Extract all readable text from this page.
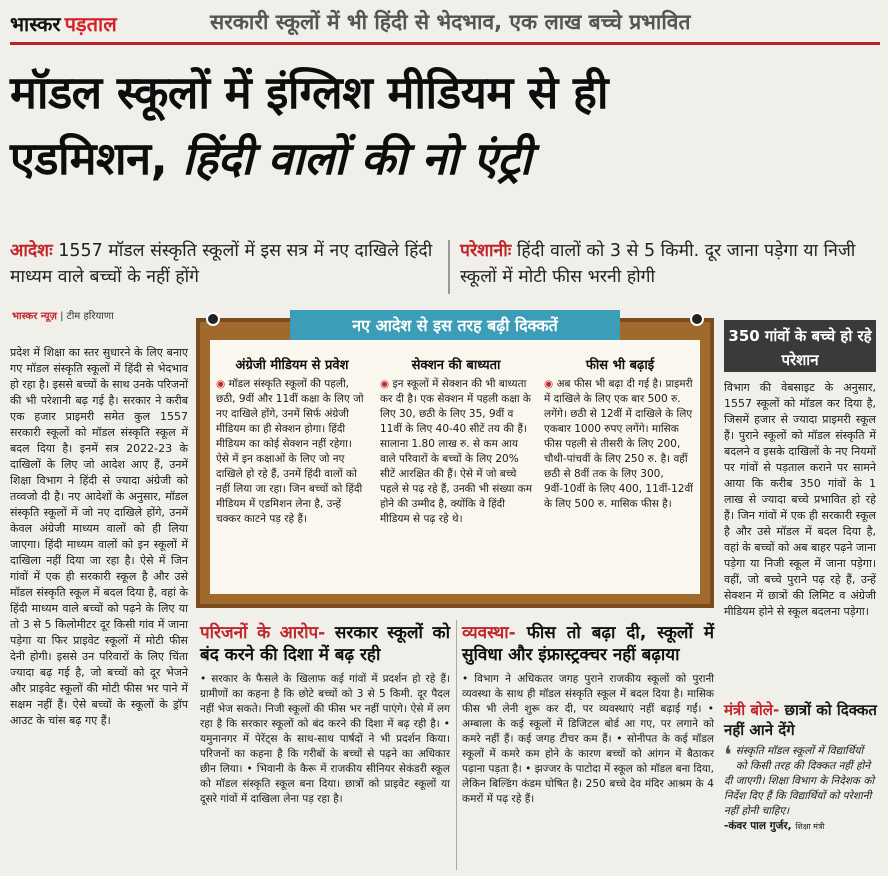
भास्कर पड़ताल	सरकारी स्कूलों में भी हिंदी से भेदभाव, एक लाख बच्चे प्रभावित
मॉडल स्कूलों में इंग्लिश मीडियम से ही
एडमिशन, हिंदी वालों की नो एंट्री
आदेशः 1557 मॉडल संस्कृति स्कूलों में इस सत्र में नए दाखिले हिंदी माध्यम वाले बच्चों के नहीं होंगे
परेशानीः हिंदी वालों को 3 से 5 किमी. दूर जाना पड़ेगा या निजी स्कूलों में मोटी फीस भरनी होगी
भास्कर न्यूज़ | टीम हरियाणा
प्रदेश में शिक्षा का स्तर सुधारने के लिए बनाए गए मॉडल संस्कृति स्कूलों में हिंदी से भेदभाव हो रहा है। इससे बच्चों के साथ उनके परिजनों की भी परेशानी बढ़ गई है। सरकार ने करीब एक हजार प्राइमरी समेत कुल 1557 सरकारी स्कूलों को मॉडल संस्कृति स्कूल में बदल दिया है। इनमें सत्र 2022-23 के दाखिलों के लिए जो आदेश आए हैं, उनमें शिक्षा विभाग ने हिंदी से ज्यादा अंग्रेजी को तव्वजो दी है। नए आदेशों के अनुसार, मॉडल संस्कृति स्कूलों में जो नए दाखिले होंगे, उनमें केवल अंग्रेजी माध्यम वालों को ही लिया जाएगा। हिंदी माध्यम वालों को इन स्कूलों में दाखिला नहीं दिया जा रहा है। ऐसे में जिन गांवों में एक ही सरकारी स्कूल है और उसे मॉडल संस्कृति स्कूल में बदल दिया है, वहां के हिंदी माध्यम वाले बच्चों को पढ़ने के लिए या तो 3 से 5 किलोमीटर दूर किसी गांव में जाना पड़ेगा या फिर प्राइवेट स्कूलों में मोटी फीस देनी होगी। इससे उन परिवारों के लिए चिंता ज्यादा बढ़ गई है, जो बच्चों को दूर भेजने और प्राइवेट स्कूलों की मोटी फीस भर पाने में सक्षम नहीं हैं। ऐसे बच्चों के स्कूलों के ड्रॉप आउट के चांस बढ़ गए हैं।
नए आदेश से इस तरह बढ़ी दिक्कतें
अंग्रेजी मीडियम से प्रवेश
◉ मॉडल संस्कृति स्कूलों की पहली, छठी, 9वीं और 11वीं कक्षा के लिए जो नए दाखिले होंगे, उनमें सिर्फ अंग्रेजी मीडियम का ही सेक्शन होगा। हिंदी मीडियम का कोई सेक्शन नहीं रहेगा। ऐसे में इन कक्षाओं के लिए जो नए दाखिले हो रहे हैं, उनमें हिंदी वालों को नहीं लिया जा रहा। जिन बच्चों को हिंदी मीडियम में एडमिशन लेना है, उन्हें चक्कर काटने पड़ रहे हैं।
सेक्शन की बाध्यता
◉ इन स्कूलों में सेक्शन की भी बाध्यता कर दी है। एक सेक्शन में पहली कक्षा के लिए 30, छठी के लिए 35, 9वीं व 11वीं के लिए 40-40 सीटें तय की हैं। सालाना 1.80 लाख रु. से कम आय वाले परिवारों के बच्चों के लिए 20% सीटें आरक्षित की हैं। ऐसे में जो बच्चे पहले से पढ़ रहे हैं, उनकी भी संख्या कम होने की उम्मीद है, क्योंकि वे हिंदी मीडियम से पढ़ रहे थे।
फीस भी बढ़ाई
◉ अब फीस भी बढ़ा दी गई है। प्राइमरी में दाखिले के लिए एक बार 500 रु. लगेंगे। छठी से 12वीं में दाखिले के लिए एकबार 1000 रुपए लगेंगे। मासिक फीस पहली से तीसरी के लिए 200, चौथी-पांचवीं के लिए 250 रु. है। वहीं छठी से 8वीं तक के लिए 300, 9वीं-10वीं के लिए 400, 11वीं-12वीं के लिए 500 रु. मासिक फीस है।
परिजनों के आरोप- सरकार स्कूलों को बंद करने की दिशा में बढ़ रही
• सरकार के फैसले के खिलाफ कई गांवों में प्रदर्शन हो रहे हैं। ग्रामीणों का कहना है कि छोटे बच्चों को 3 से 5 किमी. दूर पैदल नहीं भेज सकते। निजी स्कूलों की फीस भर नहीं पाएंगे। ऐसे में लग रहा है कि सरकार स्कूलों को बंद करने की दिशा में बढ़ रही है। • यमुनानगर में पेरेंट्स के साथ-साथ पार्षदों ने भी प्रदर्शन किया। परिजनों का कहना है कि गरीबों के बच्चों से पढ़ने का अधिकार छीन लिया। • भिवानी के कैरू में राजकीय सीनियर सेकंडरी स्कूल को मॉडल संस्कृति स्कूल बना दिया। छात्रों को प्राइवेट स्कूलों या दूसरे गांवों में दाखिला लेना पड़ रहा है।
व्यवस्था- फीस तो बढ़ा दी, स्कूलों में सुविधा और इंफ्रास्ट्रक्चर नहीं बढ़ाया
• विभाग ने अधिकतर जगह पुराने राजकीय स्कूलों को पुरानी व्यवस्था के साथ ही मॉडल संस्कृति स्कूल में बदल दिया है। मासिक फीस भी लेनी शुरू कर दी, पर व्यवस्थाएं नहीं बढ़ाई गईं। • अम्बाला के कई स्कूलों में डिजिटल बोर्ड आ गए, पर लगाने को कमरे नहीं हैं। कई जगह टीचर कम हैं। • सोनीपत के कई मॉडल स्कूलों में कमरे कम होने के कारण बच्चों को आंगन में बैठाकर पढ़ाना पड़ता है। • झज्जर के पाटोदा में स्कूल को मॉडल बना दिया, लेकिन बिल्डिंग कंडम घोषित है। 250 बच्चे देव मंदिर आश्रम के 4 कमरों में पढ़ रहे हैं।
350 गांवों के बच्चे हो रहे परेशान
विभाग की वेबसाइट के अनुसार, 1557 स्कूलों को मॉडल कर दिया है, जिसमें हजार से ज्यादा प्राइमरी स्कूल हैं। पुराने स्कूलों को मॉडल संस्कृति में बदलने व इसके दाखिलों के नए नियमों पर गांवों से पड़ताल कराने पर सामने आया कि करीब 350 गांवों के 1 लाख से ज्यादा बच्चे प्रभावित हो रहे हैं। जिन गांवों में एक ही सरकारी स्कूल है और उसे मॉडल में बदल दिया है, वहां के बच्चों को अब बाहर पढ़ने जाना पड़ेगा या निजी स्कूल में जाना पड़ेगा। वहीं, जो बच्चे पुराने पढ़ रहे हैं, उन्हें सेक्शन में छात्रों की लिमिट व अंग्रेजी मीडियम होने से स्कूल बदलना पड़ेगा।
मंत्री बोले- छात्रों को दिक्कत नहीं आने देंगे
❛ संस्कृति मॉडल स्कूलों में विद्यार्थियों को किसी तरह की दिक्कत नहीं होने दी जाएगी। शिक्षा विभाग के निदेशक को निर्देश दिए हैं कि विद्यार्थियों को परेशानी नहीं होनी चाहिए।
-कंवर पाल गुर्जर, शिक्षा मंत्री
